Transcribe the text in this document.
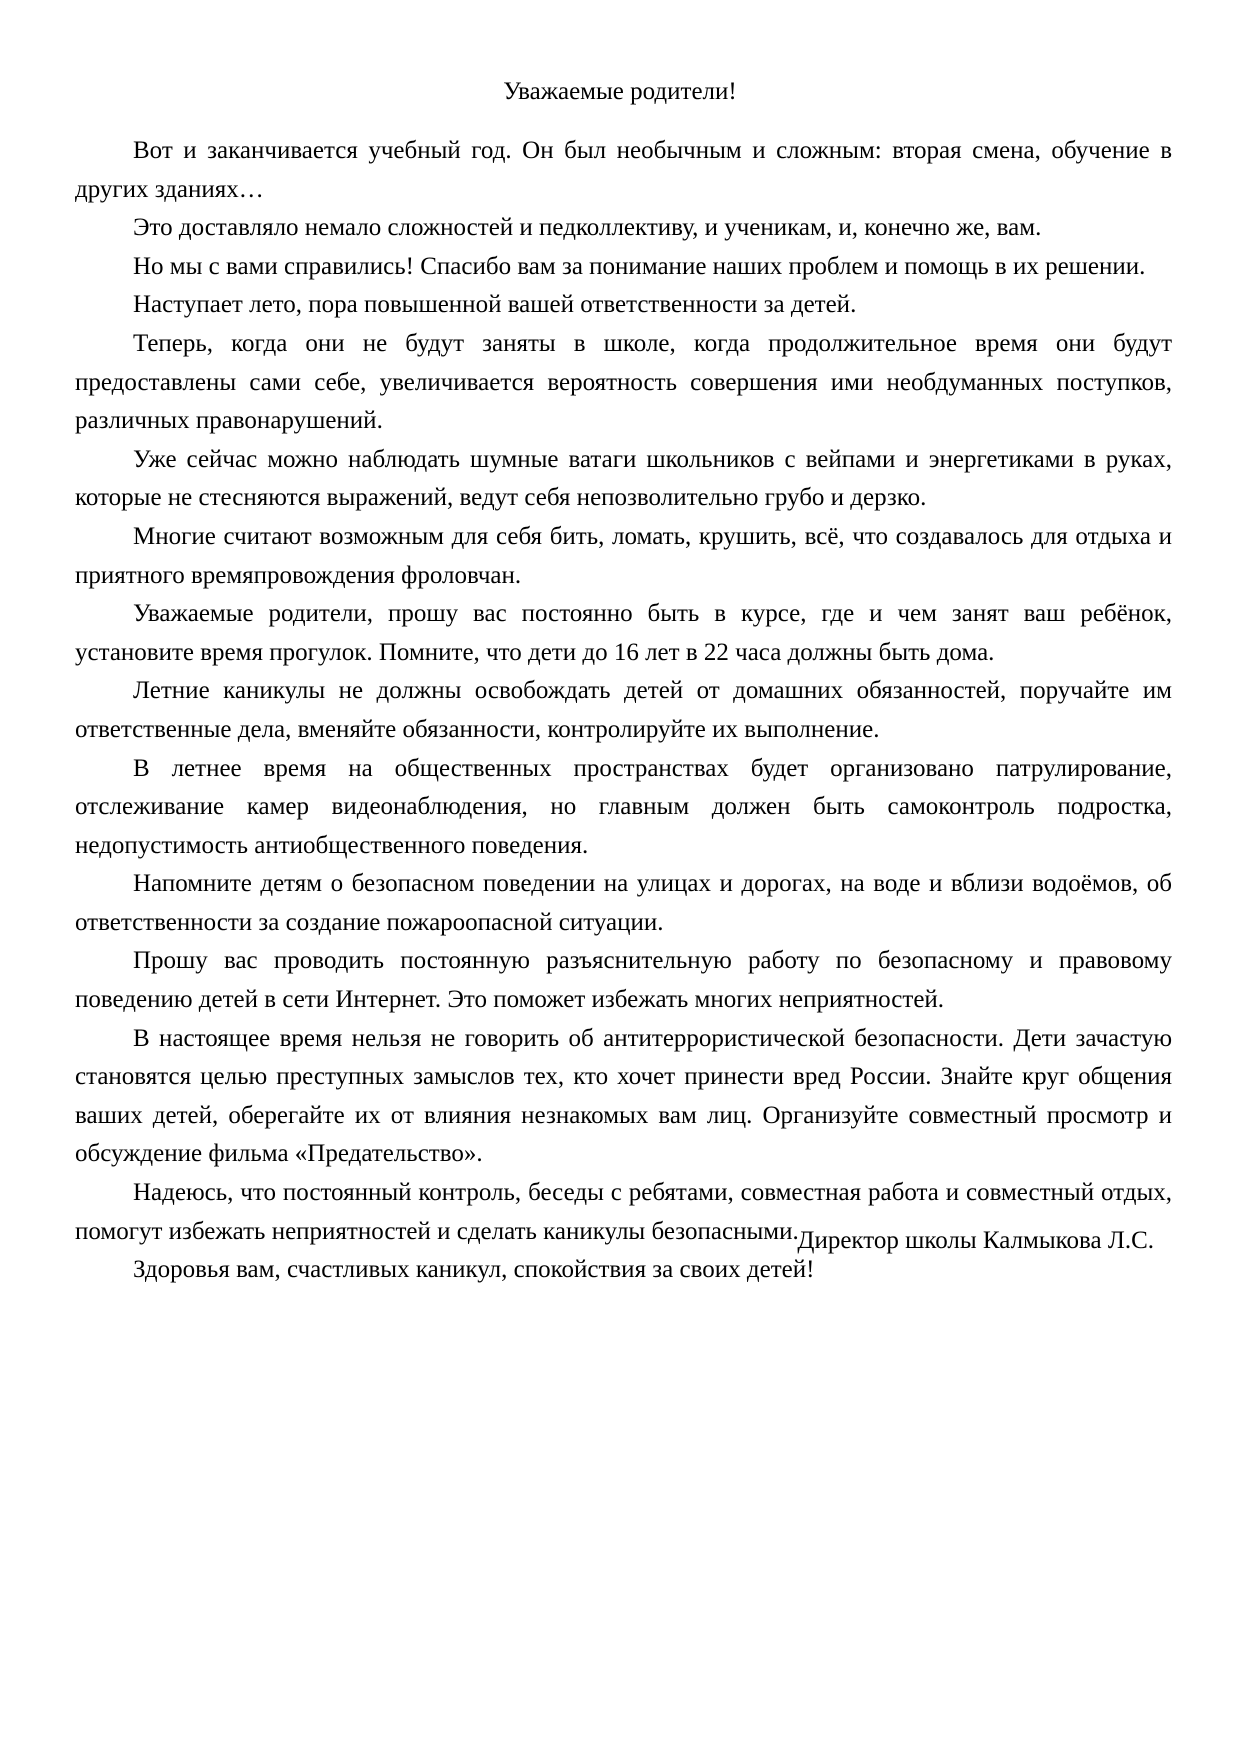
Уважаемые родители!

Вот и заканчивается учебный год. Он был необычным и сложным: вторая смена, обучение в других зданиях…

Это доставляло немало сложностей и педколлективу, и ученикам, и, конечно же, вам.

Но мы с вами справились! Спасибо вам за понимание наших проблем и помощь в их решении.

Наступает лето, пора повышенной вашей ответственности за детей.

Теперь, когда они не будут заняты в школе, когда продолжительное время они будут предоставлены сами себе, увеличивается вероятность совершения ими необдуманных поступков, различных правонарушений.

Уже сейчас можно наблюдать шумные ватаги школьников с вейпами и энергетиками в руках, которые не стесняются выражений, ведут себя непозволительно грубо и дерзко.

Многие считают возможным для себя бить, ломать, крушить, всё, что создавалось для отдыха и приятного времяпровождения фроловчан.

Уважаемые родители, прошу вас постоянно быть в курсе, где и чем занят ваш ребёнок, установите время прогулок. Помните, что дети до 16 лет в 22 часа должны быть дома.

Летние каникулы не должны освобождать детей от домашних обязанностей, поручайте им ответственные дела, вменяйте обязанности, контролируйте их выполнение.

В летнее время на общественных пространствах будет организовано патрулирование, отслеживание камер видеонаблюдения, но главным должен быть самоконтроль подростка, недопустимость антиобщественного поведения.

Напомните детям о безопасном поведении на улицах и дорогах, на воде и вблизи водоёмов, об ответственности за создание пожароопасной ситуации.

Прошу вас проводить постоянную разъяснительную работу по безопасному и правовому поведению детей в сети Интернет. Это поможет избежать многих неприятностей.

В настоящее время нельзя не говорить об антитеррористической безопасности. Дети зачастую становятся целью преступных замыслов тех, кто хочет принести вред России. Знайте круг общения ваших детей, оберегайте их от влияния незнакомых вам лиц. Организуйте совместный просмотр и обсуждение фильма «Предательство».

Надеюсь, что постоянный контроль, беседы с ребятами, совместная работа и совместный отдых, помогут избежать неприятностей и сделать каникулы безопасными.

Здоровья вам, счастливых каникул, спокойствия за своих детей!

Директор школы Калмыкова Л.С.
